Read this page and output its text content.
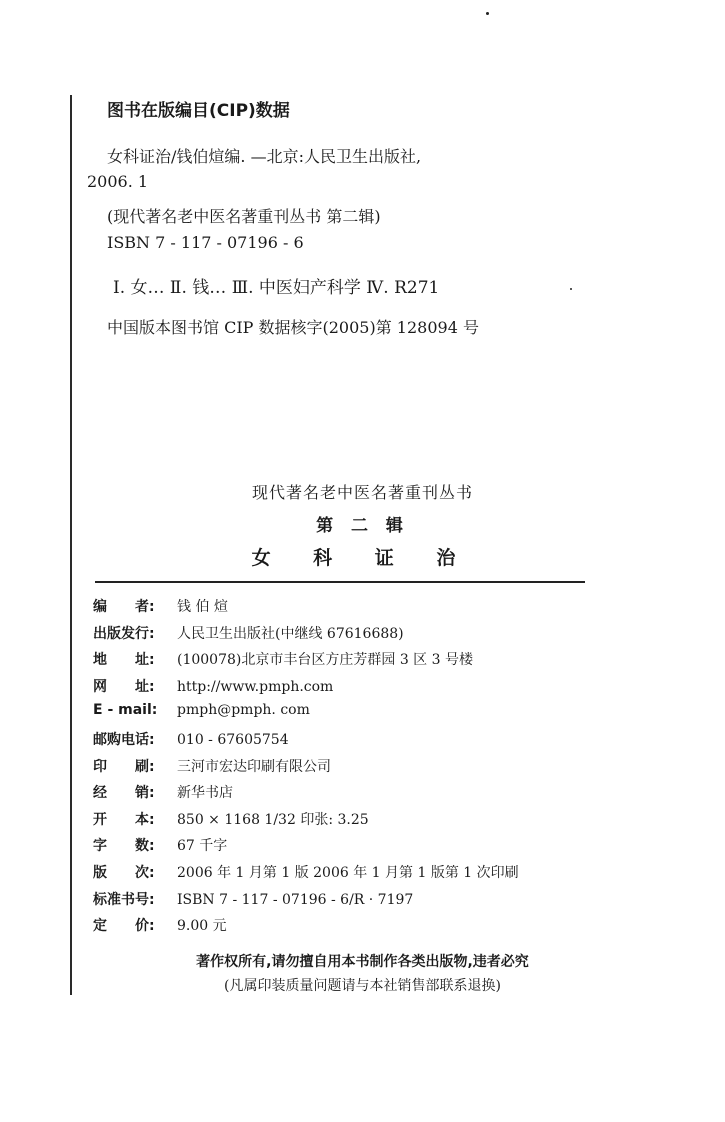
图书在版编目(CIP)数据
女科证治/钱伯煊编. —北京:人民卫生出版社,
2006. 1
(现代著名老中医名著重刊丛书 第二辑)
ISBN 7 - 117 - 07196 - 6
Ⅰ. 女… Ⅱ. 钱… Ⅲ. 中医妇产科学 Ⅳ. R271
中国版本图书馆 CIP 数据核字(2005)第 128094 号
现代著名老中医名著重刊丛书
第 二 辑
女 科 证 治
编　　者:	钱 伯 煊
出版发行:	人民卫生出版社(中继线 67616688)
地　　址:	(100078)北京市丰台区方庄芳群园 3 区 3 号楼
网　　址:	http://www.pmph.com
E - mail:	pmph@pmph. com
邮购电话:	010 - 67605754
印　　刷:	三河市宏达印刷有限公司
经　　销:	新华书店
开　　本:	850 × 1168 1/32 印张: 3.25
字　　数:	67 千字
版　　次:	2006 年 1 月第 1 版 2006 年 1 月第 1 版第 1 次印刷
标准书号:	ISBN 7 - 117 - 07196 - 6/R · 7197
定　　价:	9.00 元
著作权所有,请勿擅自用本书制作各类出版物,违者必究
(凡属印装质量问题请与本社销售部联系退换)
